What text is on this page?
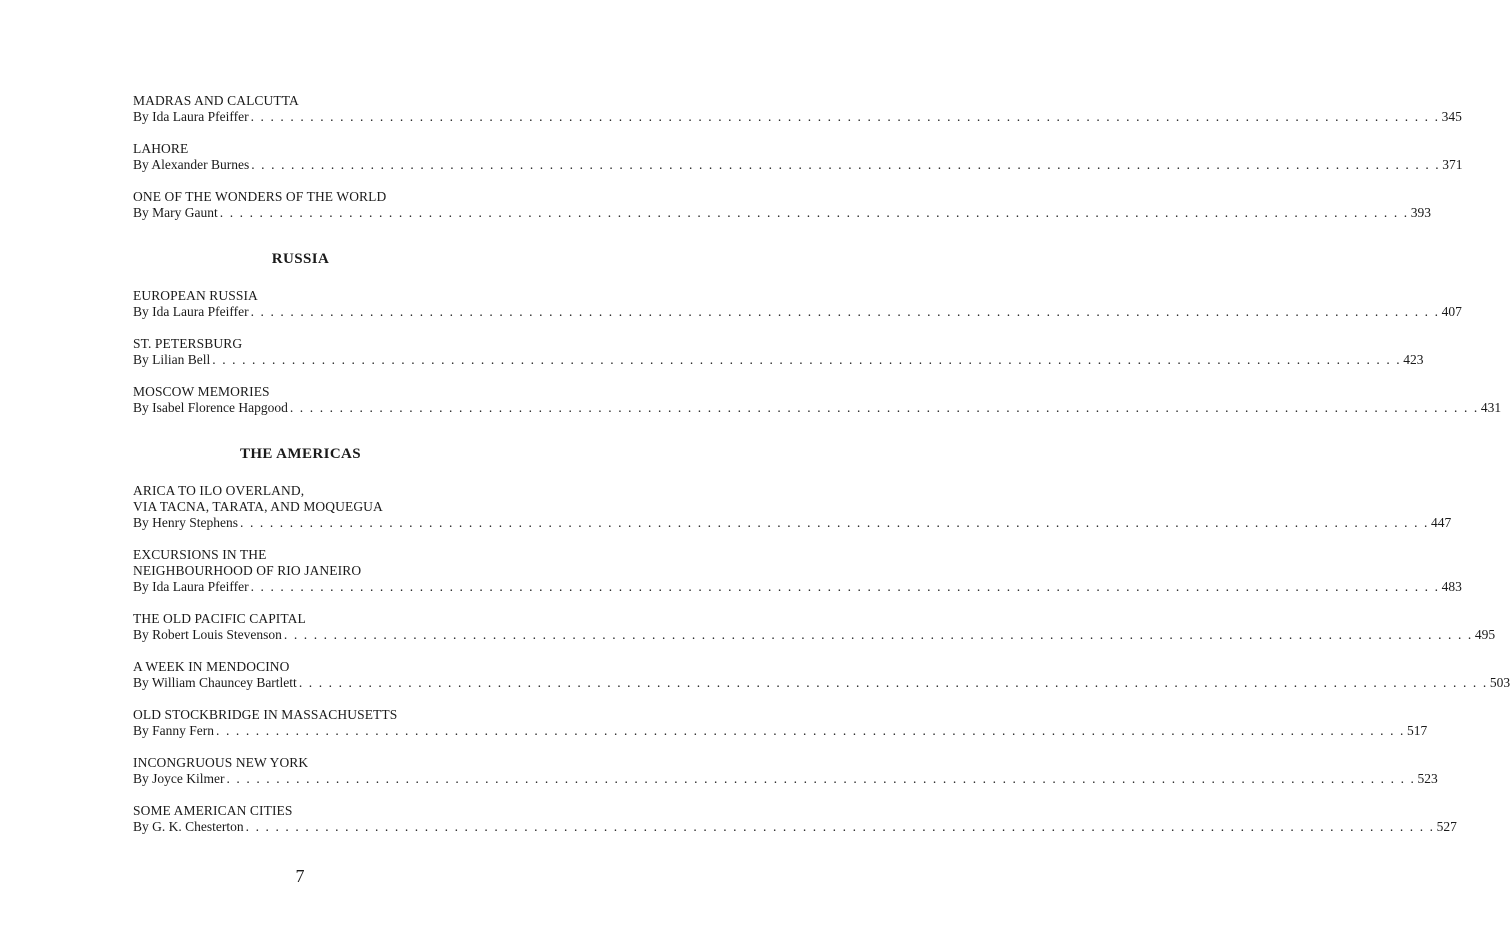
MADRAS AND CALCUTTA
By Ida Laura Pfeiffer . . . . . . . . . . . . . . . . . . . . . . . . . . . . . . . . . . . . . . . . . . . . . . . . . . . . . . . . . . . . . . . . . . . . . . . . . . . . . . . . . . . . . . . . . . . . . . . . . . . . . . . . . . . . . . . . . . . . . . . . 345
LAHORE
By Alexander Burnes . . . . . . . . . . . . . . . . . . . . . . . . . . . . . . . . . . . . . . . . . . . . . . . . . . . . . . . . . . . . . . . . . . . . . . . . . . . . . . . . . . . . . . . . . . . . . . . . . . . . . . . . . . . . . . . . . . . . . . . . 371
ONE OF THE WONDERS OF THE WORLD
By Mary Gaunt . . . . . . . . . . . . . . . . . . . . . . . . . . . . . . . . . . . . . . . . . . . . . . . . . . . . . . . . . . . . . . . . . . . . . . . . . . . . . . . . . . . . . . . . . . . . . . . . . . . . . . . . . . . . . . . . . . . . . . . . 393
RUSSIA
EUROPEAN RUSSIA
By Ida Laura Pfeiffer . . . . . . . . . . . . . . . . . . . . . . . . . . . . . . . . . . . . . . . . . . . . . . . . . . . . . . . . . . . . . . . . . . . . . . . . . . . . . . . . . . . . . . . . . . . . . . . . . . . . . . . . . . . . . . . . . . . . . . . . 407
ST. PETERSBURG
By Lilian Bell . . . . . . . . . . . . . . . . . . . . . . . . . . . . . . . . . . . . . . . . . . . . . . . . . . . . . . . . . . . . . . . . . . . . . . . . . . . . . . . . . . . . . . . . . . . . . . . . . . . . . . . . . . . . . . . . . . . . . . . . 423
MOSCOW MEMORIES
By Isabel Florence Hapgood . . . . . . . . . . . . . . . . . . . . . . . . . . . . . . . . . . . . . . . . . . . . . . . . . . . . . . . . . . . . . . . . . . . . . . . . . . . . . . . . . . . . . . . . . . . . . . . . . . . . . . . . . . . . . . . . . . . . . . . . 431
THE AMERICAS
ARICA TO ILO OVERLAND,
VIA TACNA, TARATA, AND MOQUEGUA
By Henry Stephens . . . . . . . . . . . . . . . . . . . . . . . . . . . . . . . . . . . . . . . . . . . . . . . . . . . . . . . . . . . . . . . . . . . . . . . . . . . . . . . . . . . . . . . . . . . . . . . . . . . . . . . . . . . . . . . . . . . . . . . . 447
EXCURSIONS IN THE
NEIGHBOURHOOD OF RIO JANEIRO
By Ida Laura Pfeiffer . . . . . . . . . . . . . . . . . . . . . . . . . . . . . . . . . . . . . . . . . . . . . . . . . . . . . . . . . . . . . . . . . . . . . . . . . . . . . . . . . . . . . . . . . . . . . . . . . . . . . . . . . . . . . . . . . . . . . . . . 483
THE OLD PACIFIC CAPITAL
By Robert Louis Stevenson . . . . . . . . . . . . . . . . . . . . . . . . . . . . . . . . . . . . . . . . . . . . . . . . . . . . . . . . . . . . . . . . . . . . . . . . . . . . . . . . . . . . . . . . . . . . . . . . . . . . . . . . . . . . . . . . . . . . . . . . 495
A WEEK IN MENDOCINO
By William Chauncey Bartlett . . . . . . . . . . . . . . . . . . . . . . . . . . . . . . . . . . . . . . . . . . . . . . . . . . . . . . . . . . . . . . . . . . . . . . . . . . . . . . . . . . . . . . . . . . . . . . . . . . . . . . . . . . . . . . . . . . . . . . . . 503
OLD STOCKBRIDGE IN MASSACHUSETTS
By Fanny Fern . . . . . . . . . . . . . . . . . . . . . . . . . . . . . . . . . . . . . . . . . . . . . . . . . . . . . . . . . . . . . . . . . . . . . . . . . . . . . . . . . . . . . . . . . . . . . . . . . . . . . . . . . . . . . . . . . . . . . . . . 517
INCONGRUOUS NEW YORK
By Joyce Kilmer . . . . . . . . . . . . . . . . . . . . . . . . . . . . . . . . . . . . . . . . . . . . . . . . . . . . . . . . . . . . . . . . . . . . . . . . . . . . . . . . . . . . . . . . . . . . . . . . . . . . . . . . . . . . . . . . . . . . . . . . 523
SOME AMERICAN CITIES
By G. K. Chesterton . . . . . . . . . . . . . . . . . . . . . . . . . . . . . . . . . . . . . . . . . . . . . . . . . . . . . . . . . . . . . . . . . . . . . . . . . . . . . . . . . . . . . . . . . . . . . . . . . . . . . . . . . . . . . . . . . . . . . . . . 527
7
